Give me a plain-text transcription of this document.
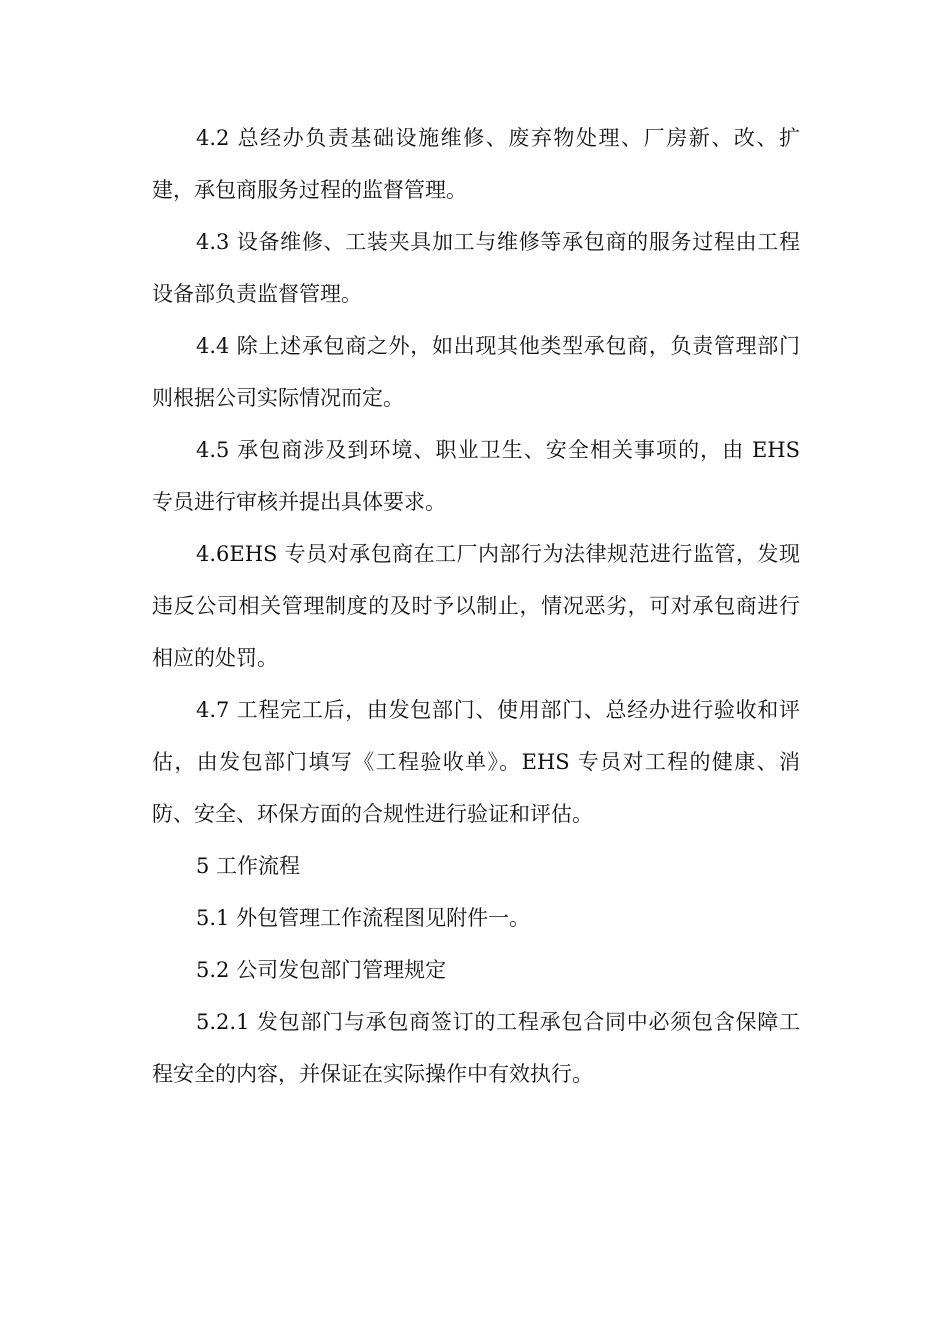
4.2 总经办负责基础设施维修、废弃物处理、厂房新、改、扩建，承包商服务过程的监督管理。

4.3 设备维修、工装夹具加工与维修等承包商的服务过程由工程设备部负责监督管理。

4.4 除上述承包商之外，如出现其他类型承包商，负责管理部门则根据公司实际情况而定。

4.5 承包商涉及到环境、职业卫生、安全相关事项的，由 EHS 专员进行审核并提出具体要求。

4.6EHS 专员对承包商在工厂内部行为法律规范进行监管，发现违反公司相关管理制度的及时予以制止，情况恶劣，可对承包商进行相应的处罚。

4.7 工程完工后，由发包部门、使用部门、总经办进行验收和评估，由发包部门填写《工程验收单》。EHS 专员对工程的健康、消防、安全、环保方面的合规性进行验证和评估。

5 工作流程

5.1 外包管理工作流程图见附件一。

5.2 公司发包部门管理规定

5.2.1 发包部门与承包商签订的工程承包合同中必须包含保障工程安全的内容，并保证在实际操作中有效执行。
